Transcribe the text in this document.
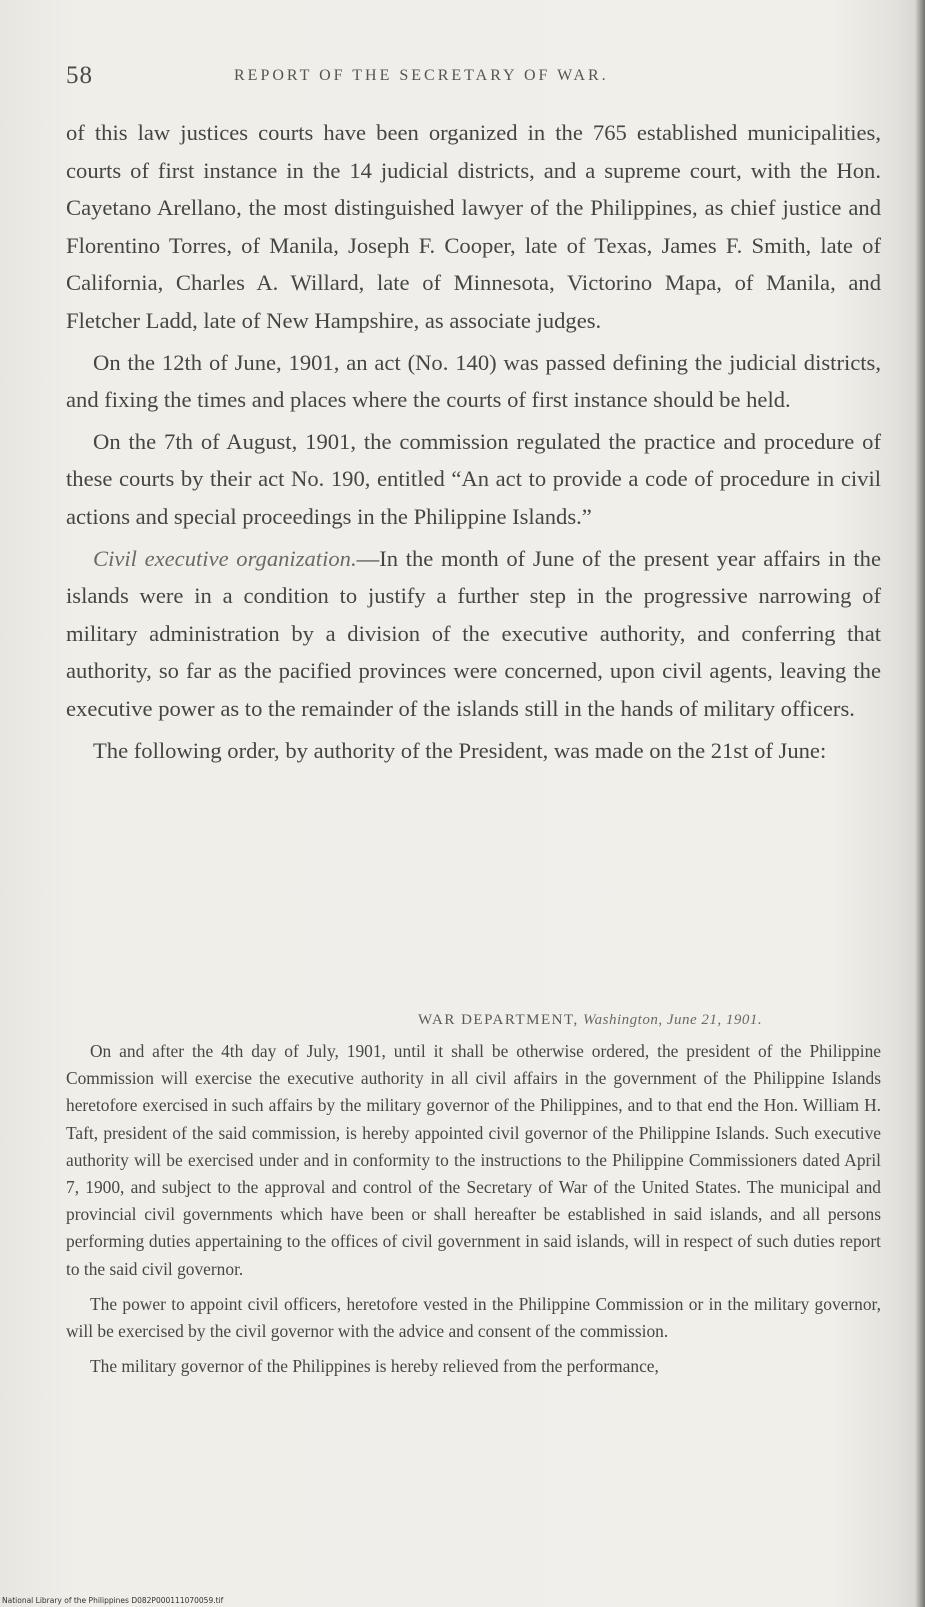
58	REPORT OF THE SECRETARY OF WAR.

of this law justices courts have been organized in the 765 established municipalities, courts of first instance in the 14 judicial districts, and a supreme court, with the Hon. Cayetano Arellano, the most distinguished lawyer of the Philippines, as chief justice and Florentino Torres, of Manila, Joseph F. Cooper, late of Texas, James F. Smith, late of California, Charles A. Willard, late of Minnesota, Victorino Mapa, of Manila, and Fletcher Ladd, late of New Hampshire, as associate judges.

On the 12th of June, 1901, an act (No. 140) was passed defining the judicial districts, and fixing the times and places where the courts of first instance should be held.

On the 7th of August, 1901, the commission regulated the practice and procedure of these courts by their act No. 190, entitled “An act to provide a code of procedure in civil actions and special proceedings in the Philippine Islands.”

Civil executive organization.—In the month of June of the present year affairs in the islands were in a condition to justify a further step in the progressive narrowing of military administration by a division of the executive authority, and conferring that authority, so far as the pacified provinces were concerned, upon civil agents, leaving the executive power as to the remainder of the islands still in the hands of military officers.

The following order, by authority of the President, was made on the 21st of June:

WAR DEPARTMENT, Washington, June 21, 1901.

On and after the 4th day of July, 1901, until it shall be otherwise ordered, the president of the Philippine Commission will exercise the executive authority in all civil affairs in the government of the Philippine Islands heretofore exercised in such affairs by the military governor of the Philippines, and to that end the Hon. William H. Taft, president of the said commission, is hereby appointed civil governor of the Philippine Islands. Such executive authority will be exercised under and in conformity to the instructions to the Philippine Commissioners dated April 7, 1900, and subject to the approval and control of the Secretary of War of the United States. The municipal and provincial civil governments which have been or shall hereafter be established in said islands, and all persons performing duties appertaining to the offices of civil government in said islands, will in respect of such duties report to the said civil governor.

The power to appoint civil officers, heretofore vested in the Philippine Commission or in the military governor, will be exercised by the civil governor with the advice and consent of the commission.

The military governor of the Philippines is hereby relieved from the performance,

National Library of the Philippines D082P000111070059.tif
